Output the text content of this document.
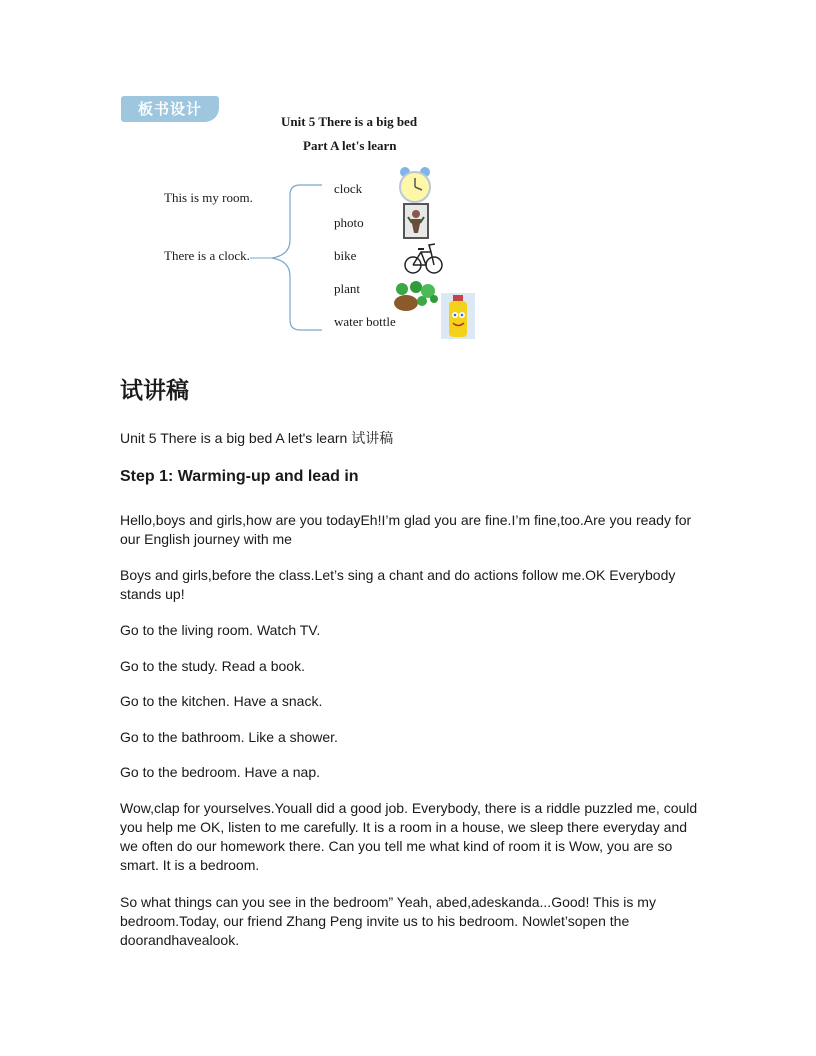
板书设计
Unit 5 There is a big bed
Part A let's learn
This is my room.
There is a clock.
clock
photo
bike
plant
water bottle
试讲稿
Unit 5 There is a big bed A let's learn 试讲稿
Step 1: Warming-up and lead in
Hello,boys and girls,how are you todayEh!I’m glad you are fine.I’m fine,too.Are you ready for our English journey with me
Boys and girls,before the class.Let’s sing a chant and do actions follow me.OK Everybody stands up!
Go to the living room. Watch TV.
Go to the study. Read a book.
Go to the kitchen. Have a snack.
Go to the bathroom. Like a shower.
Go to the bedroom. Have a nap.
Wow,clap for yourselves.Youall did a good job. Everybody, there is a riddle puzzled me, could you help me OK, listen to me carefully. It is a room in a house, we sleep there everyday and we often do our homework there. Can you tell me what kind of room it is Wow, you are so smart. It is a bedroom.
So what things can you see in the bedroom” Yeah, abed,adeskanda...Good! This is my bedroom.Today, our friend Zhang Peng invite us to his bedroom. Nowlet’sopen the doorandhavealook.
